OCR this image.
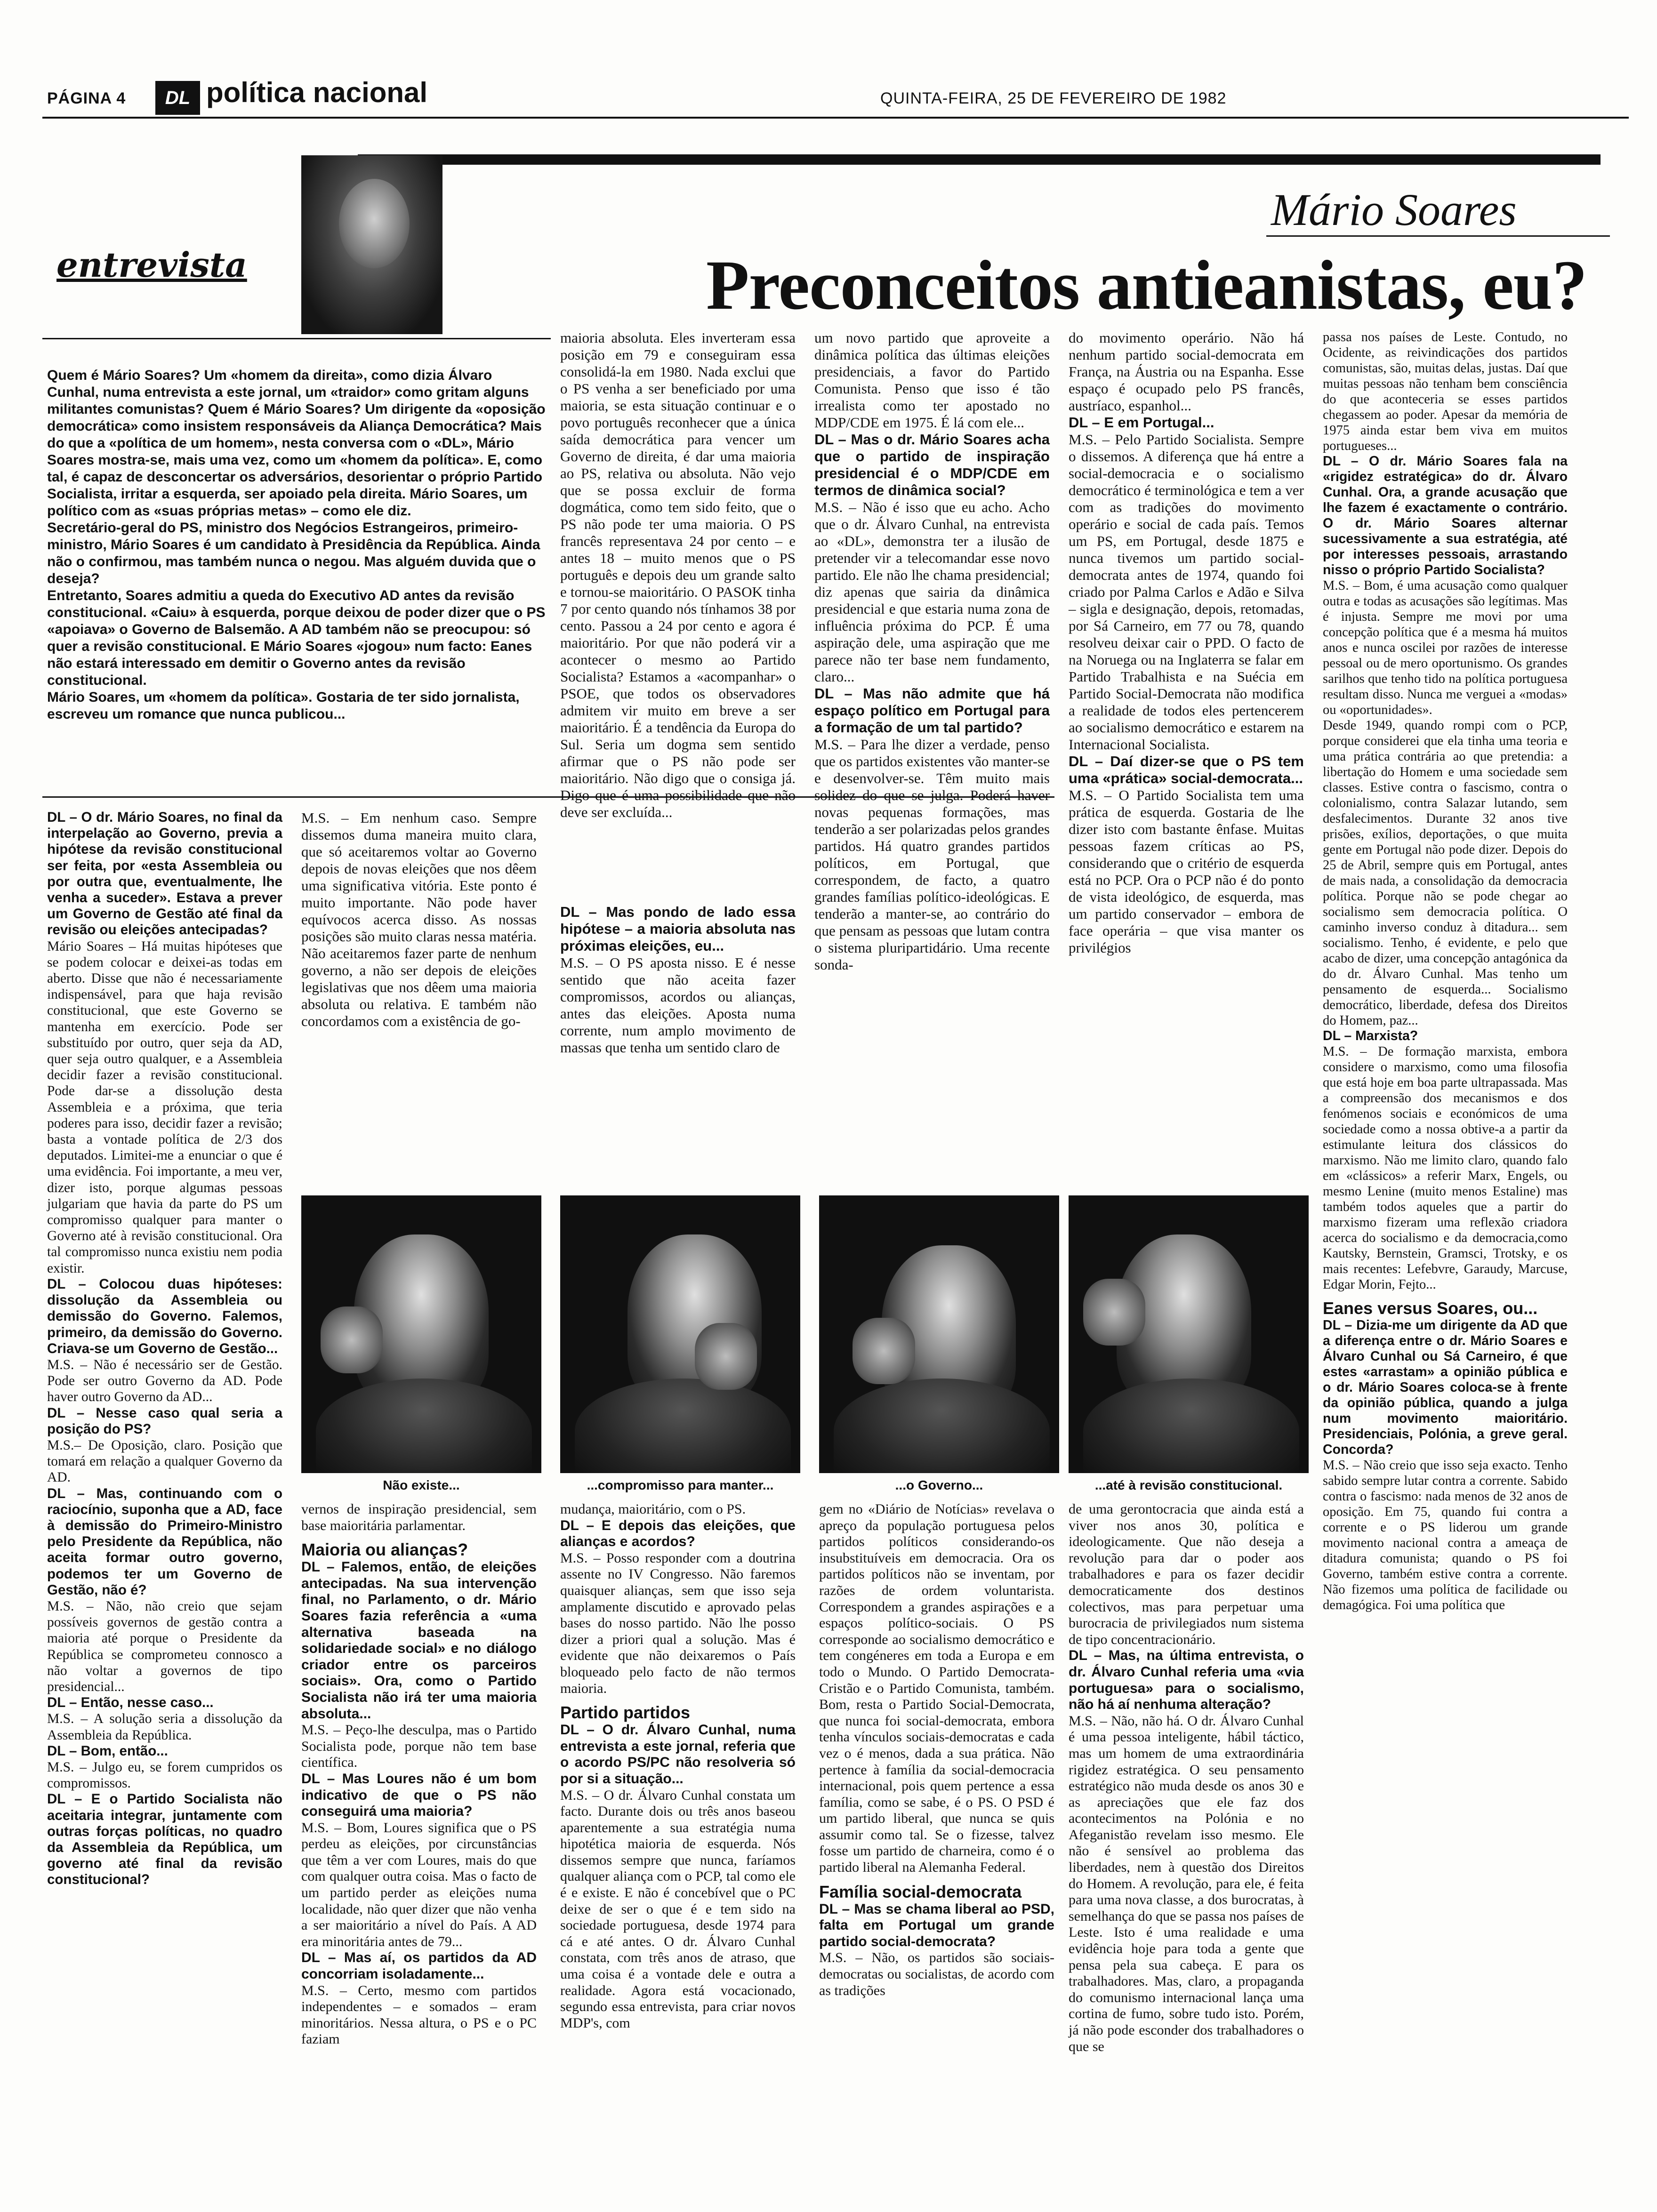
PÁGINA 4	DL política nacional	QUINTA-FEIRA, 25 DE FEVEREIRO DE 1982
entrevista
Mário Soares
Preconceitos antieanistas, eu?

Quem é Mário Soares? Um «homem da direita», como dizia Álvaro Cunhal, numa entrevista a este jornal, um «traidor» como gritam alguns militantes comunistas? Quem é Mário Soares? Um dirigente da «oposição democrática» como insistem responsáveis da Aliança Democrática? Mais do que a «política de um homem», nesta conversa com o «DL», Mário Soares mostra-se, mais uma vez, como um «homem da política». E, como tal, é capaz de desconcertar os adversários, desorientar o próprio Partido Socialista, irritar a esquerda, ser apoiado pela direita. Mário Soares, um político com as «suas próprias metas» – como ele diz.

Secretário-geral do PS, ministro dos Negócios Estrangeiros, primeiro-ministro, Mário Soares é um candidato à Presidência da República. Ainda não o confirmou, mas também nunca o negou. Mas alguém duvida que o deseja?

Entretanto, Soares admitiu a queda do Executivo AD antes da revisão constitucional. «Caiu» à esquerda, porque deixou de poder dizer que o PS «apoiava» o Governo de Balsemão. A AD também não se preocupou: só quer a revisão constitucional. E Mário Soares «jogou» num facto: Eanes não estará interessado em demitir o Governo antes da revisão constitucional.

Mário Soares, um «homem da política». Gostaria de ter sido jornalista, escreveu um romance que nunca publicou...

maioria absoluta. Eles inverteram essa posição em 79 e conseguiram essa consolidá-la em 1980. Nada exclui que o PS venha a ser beneficiado por uma maioria, se esta situação continuar e o povo português reconhecer que a única saída democrática para vencer um Governo de direita, é dar uma maioria ao PS, relativa ou absoluta. Não vejo que se possa excluir de forma dogmática, como tem sido feito, que o PS não pode ter uma maioria. O PS francês representava 24 por cento – e antes 18 – muito menos que o PS português e depois deu um grande salto e tornou-se maioritário. O PASOK tinha 7 por cento quando nós tínhamos 38 por cento. Passou a 24 por cento e agora é maioritário. Por que não poderá vir a acontecer o mesmo ao Partido Socialista? Estamos a «acompanhar» o PSOE, que todos os observadores admitem vir muito em breve a ser maioritário. É a tendência da Europa do Sul. Seria um dogma sem sentido afirmar que o PS não pode ser maioritário. Não digo que o consiga já. Digo que é uma possibilidade que não deve ser excluída...

um novo partido que aproveite a dinâmica política das últimas eleições presidenciais, a favor do Partido Comunista. Penso que isso é tão irrealista como ter apostado no MDP/CDE em 1975. É lá com ele...

DL – Mas o dr. Mário Soares acha que o partido de inspiração presidencial é o MDP/CDE em termos de dinâmica social?

M.S. – Não é isso que eu acho. Acho que o dr. Álvaro Cunhal, na entrevista ao «DL», demonstra ter a ilusão de pretender vir a telecomandar esse novo partido. Ele não lhe chama presidencial; diz apenas que sairia da dinâmica presidencial e que estaria numa zona de influência próxima do PCP. É uma aspiração dele, uma aspiração que me parece não ter base nem fundamento, claro...

DL – Mas não admite que há espaço político em Portugal para a formação de um tal partido?

M.S. – Para lhe dizer a verdade, penso que os partidos existentes vão manter-se e desenvolver-se. Têm muito mais solidez do que se julga. Poderá haver novas pequenas formações, mas tenderão a ser polarizadas pelos grandes partidos. Há quatro grandes partidos políticos, em Portugal, que correspondem, de facto, a quatro grandes famílias político-ideológicas. E tenderão a manter-se, ao contrário do que pensam as pessoas que lutam contra o sistema pluripartidário. Uma recente sonda-

do movimento operário. Não há nenhum partido social-democrata em França, na Áustria ou na Espanha. Esse espaço é ocupado pelo PS francês, austríaco, espanhol...

DL – E em Portugal...

M.S. – Pelo Partido Socialista. Sempre o dissemos. A diferença que há entre a social-democracia e o socialismo democrático é terminológica e tem a ver com as tradições do movimento operário e social de cada país. Temos um PS, em Portugal, desde 1875 e nunca tivemos um partido social-democrata antes de 1974, quando foi criado por Palma Carlos e Adão e Silva – sigla e designação, depois, retomadas, por Sá Carneiro, em 77 ou 78, quando resolveu deixar cair o PPD. O facto de na Noruega ou na Inglaterra se falar em Partido Trabalhista e na Suécia em Partido Social-Democrata não modifica a realidade de todos eles pertencerem ao socialismo democrático e estarem na Internacional Socialista.

DL – Daí dizer-se que o PS tem uma «prática» social-democrata...

M.S. – O Partido Socialista tem uma prática de esquerda. Gostaria de lhe dizer isto com bastante ênfase. Muitas pessoas fazem críticas ao PS, considerando que o critério de esquerda está no PCP. Ora o PCP não é do ponto de vista ideológico, de esquerda, mas um partido conservador – embora de face operária – que visa manter os privilégios

passa nos países de Leste. Contudo, no Ocidente, as reivindicações dos partidos comunistas, são, muitas delas, justas. Daí que muitas pessoas não tenham bem consciência do que aconteceria se esses partidos chegassem ao poder. Apesar da memória de 1975 ainda estar bem viva em muitos portugueses...

DL – O dr. Mário Soares fala na «rigidez estratégica» do dr. Álvaro Cunhal. Ora, a grande acusação que lhe fazem é exactamente o contrário. O dr. Mário Soares alternar sucessivamente a sua estratégia, até por interesses pessoais, arrastando nisso o próprio Partido Socialista?

M.S. – Bom, é uma acusação como qualquer outra e todas as acusações são legítimas. Mas é injusta. Sempre me movi por uma concepção política que é a mesma há muitos anos e nunca oscilei por razões de interesse pessoal ou de mero oportunismo. Os grandes sarilhos que tenho tido na política portuguesa resultam disso. Nunca me verguei a «modas» ou «oportunidades».

Desde 1949, quando rompi com o PCP, porque considerei que ela tinha uma teoria e uma prática contrária ao que pretendia: a libertação do Homem e uma sociedade sem classes. Estive contra o fascismo, contra o colonialismo, contra Salazar lutando, sem desfalecimentos. Durante 32 anos tive prisões, exílios, deportações, o que muita gente em Portugal não pode dizer. Depois do 25 de Abril, sempre quis em Portugal, antes de mais nada, a consolidação da democracia política. Porque não se pode chegar ao socialismo sem democracia política. O caminho inverso conduz à ditadura... sem socialismo. Tenho, é evidente, e pelo que acabo de dizer, uma concepção antagónica da do dr. Álvaro Cunhal. Mas tenho um pensamento de esquerda... Socialismo democrático, liberdade, defesa dos Direitos do Homem, paz...

DL – Marxista?

M.S. – De formação marxista, embora considere o marxismo, como uma filosofia que está hoje em boa parte ultrapassada. Mas a compreensão dos mecanismos e dos fenómenos sociais e económicos de uma sociedade como a nossa obtive-a a partir da estimulante leitura dos clássicos do marxismo. Não me limito claro, quando falo em «clássicos» a referir Marx, Engels, ou mesmo Lenine (muito menos Estaline) mas também todos aqueles que a partir do marxismo fizeram uma reflexão criadora acerca do socialismo e da democracia,como Kautsky, Bernstein, Gramsci, Trotsky, e os mais recentes: Lefebvre, Garaudy, Marcuse, Edgar Morin, Fejto...

Eanes versus Soares, ou...

DL – Dizia-me um dirigente da AD que a diferença entre o dr. Mário Soares e Álvaro Cunhal ou Sá Carneiro, é que estes «arrastam» a opinião pública e o dr. Mário Soares coloca-se à frente da opinião pública, quando a julga num movimento maioritário. Presidenciais, Polónia, a greve geral. Concorda?

M.S. – Não creio que isso seja exacto. Tenho sabido sempre lutar contra a corrente. Sabido contra o fascismo: nada menos de 32 anos de oposição. Em 75, quando fui contra a corrente e o PS liderou um grande movimento nacional contra a ameaça de ditadura comunista; quando o PS foi Governo, também estive contra a corrente. Não fizemos uma política de facilidade ou demagógica. Foi uma política que

DL – O dr. Mário Soares, no final da interpelação ao Governo, previa a hipótese da revisão constitucional ser feita, por «esta Assembleia ou por outra que, eventualmente, lhe venha a suceder». Estava a prever um Governo de Gestão até final da revisão ou eleições antecipadas?

Mário Soares – Há muitas hipóteses que se podem colocar e deixei-as todas em aberto. Disse que não é necessariamente indispensável, para que haja revisão constitucional, que este Governo se mantenha em exercício. Pode ser substituído por outro, quer seja da AD, quer seja outro qualquer, e a Assembleia decidir fazer a revisão constitucional. Pode dar-se a dissolução desta Assembleia e a próxima, que teria poderes para isso, decidir fazer a revisão; basta a vontade política de 2/3 dos deputados. Limitei-me a enunciar o que é uma evidência. Foi importante, a meu ver, dizer isto, porque algumas pessoas julgariam que havia da parte do PS um compromisso qualquer para manter o Governo até à revisão constitucional. Ora tal compromisso nunca existiu nem podia existir.

DL – Colocou duas hipóteses: dissolução da Assembleia ou demissão do Governo. Falemos, primeiro, da demissão do Governo. Criava-se um Governo de Gestão...

M.S. – Não é necessário ser de Gestão. Pode ser outro Governo da AD. Pode haver outro Governo da AD...

DL – Nesse caso qual seria a posição do PS?

M.S.– De Oposição, claro. Posição que tomará em relação a qualquer Governo da AD.

DL – Mas, continuando com o raciocínio, suponha que a AD, face à demissão do Primeiro-Ministro pelo Presidente da República, não aceita formar outro governo, podemos ter um Governo de Gestão, não é?

M.S. – Não, não creio que sejam possíveis governos de gestão contra a maioria até porque o Presidente da República se comprometeu connosco a não voltar a governos de tipo presidencial...

DL – Então, nesse caso...

M.S. – A solução seria a dissolução da Assembleia da República.

DL – Bom, então...

M.S. – Julgo eu, se forem cumpridos os compromissos.

DL – E o Partido Socialista não aceitaria integrar, juntamente com outras forças políticas, no quadro da Assembleia da República, um governo até final da revisão constitucional?

M.S. – Em nenhum caso. Sempre dissemos duma maneira muito clara, que só aceitaremos voltar ao Governo depois de novas eleições que nos dêem uma significativa vitória. Este ponto é muito importante. Não pode haver equívocos acerca disso. As nossas posições são muito claras nessa matéria. Não aceitaremos fazer parte de nenhum governo, a não ser depois de eleições legislativas que nos dêem uma maioria absoluta ou relativa. E também não concordamos com a existência de go-

DL – Mas pondo de lado essa hipótese – a maioria absoluta nas próximas eleições, eu...

M.S. – O PS aposta nisso. E é nesse sentido que não aceita fazer compromissos, acordos ou alianças, antes das eleições. Aposta numa corrente, num amplo movimento de massas que tenha um sentido claro de

Não existe...	...compromisso para manter...	...o Governo...	...até à revisão constitucional.

vernos de inspiração presidencial, sem base maioritária parlamentar.

Maioria ou alianças?

DL – Falemos, então, de eleições antecipadas. Na sua intervenção final, no Parlamento, o dr. Mário Soares fazia referência a «uma alternativa baseada na solidariedade social» e no diálogo criador entre os parceiros sociais». Ora, como o Partido Socialista não irá ter uma maioria absoluta...

M.S. – Peço-lhe desculpa, mas o Partido Socialista pode, porque não tem base científica.

DL – Mas Loures não é um bom indicativo de que o PS não conseguirá uma maioria?

M.S. – Bom, Loures significa que o PS perdeu as eleições, por circunstâncias que têm a ver com Loures, mais do que com qualquer outra coisa. Mas o facto de um partido perder as eleições numa localidade, não quer dizer que não venha a ser maioritário a nível do País. A AD era minoritária antes de 79...

DL – Mas aí, os partidos da AD concorriam isoladamente...

M.S. – Certo, mesmo com partidos independentes – e somados – eram minoritários. Nessa altura, o PS e o PC faziam

mudança, maioritário, com o PS.

DL – E depois das eleições, que alianças e acordos?

M.S. – Posso responder com a doutrina assente no IV Congresso. Não faremos quaisquer alianças, sem que isso seja amplamente discutido e aprovado pelas bases do nosso partido. Não lhe posso dizer a priori qual a solução. Mas é evidente que não deixaremos o País bloqueado pelo facto de não termos maioria.

Partido partidos

DL – O dr. Álvaro Cunhal, numa entrevista a este jornal, referia que o acordo PS/PC não resolveria só por si a situação...

M.S. – O dr. Álvaro Cunhal constata um facto. Durante dois ou três anos baseou aparentemente a sua estratégia numa hipotética maioria de esquerda. Nós dissemos sempre que nunca, faríamos qualquer aliança com o PCP, tal como ele é e existe. E não é concebível que o PC deixe de ser o que é e tem sido na sociedade portuguesa, desde 1974 para cá e até antes. O dr. Álvaro Cunhal constata, com três anos de atraso, que uma coisa é a vontade dele e outra a realidade. Agora está vocacionado, segundo essa entrevista, para criar novos MDP's, com

gem no «Diário de Notícias» revelava o apreço da população portuguesa pelos partidos políticos considerando-os insubstituíveis em democracia. Ora os partidos políticos não se inventam, por razões de ordem voluntarista. Correspondem a grandes aspirações e a espaços político-sociais. O PS corresponde ao socialismo democrático e tem congéneres em toda a Europa e em todo o Mundo. O Partido Democrata-Cristão e o Partido Comunista, também. Bom, resta o Partido Social-Democrata, que nunca foi social-democrata, embora tenha vínculos sociais-democratas e cada vez o é menos, dada a sua prática. Não pertence à família da social-democracia internacional, pois quem pertence a essa família, como se sabe, é o PS. O PSD é um partido liberal, que nunca se quis assumir como tal. Se o fizesse, talvez fosse um partido de charneira, como é o partido liberal na Alemanha Federal.

Família social-democrata

DL – Mas se chama liberal ao PSD, falta em Portugal um grande partido social-democrata?

M.S. – Não, os partidos são sociais-democratas ou socialistas, de acordo com as tradições

de uma gerontocracia que ainda está a viver nos anos 30, política e ideologicamente. Que não deseja a revolução para dar o poder aos trabalhadores e para os fazer decidir democraticamente dos destinos colectivos, mas para perpetuar uma burocracia de privilegiados num sistema de tipo concentracionário.

DL – Mas, na última entrevista, o dr. Álvaro Cunhal referia uma «via portuguesa» para o socialismo, não há aí nenhuma alteração?

M.S. – Não, não há. O dr. Álvaro Cunhal é uma pessoa inteligente, hábil táctico, mas um homem de uma extraordinária rigidez estratégica. O seu pensamento estratégico não muda desde os anos 30 e as apreciações que ele faz dos acontecimentos na Polónia e no Afeganistão revelam isso mesmo. Ele não é sensível ao problema das liberdades, nem à questão dos Direitos do Homem. A revolução, para ele, é feita para uma nova classe, a dos burocratas, à semelhança do que se passa nos países de Leste. Isto é uma realidade e uma evidência hoje para toda a gente que pensa pela sua cabeça. E para os trabalhadores. Mas, claro, a propaganda do comunismo internacional lança uma cortina de fumo, sobre tudo isto. Porém, já não pode esconder dos trabalhadores o que se
